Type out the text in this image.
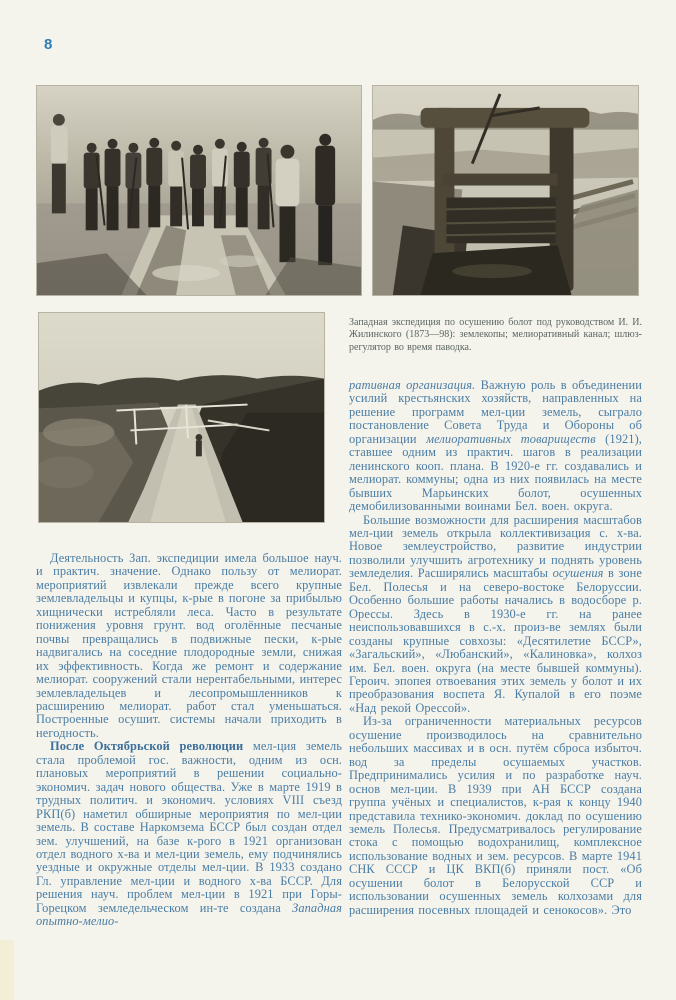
8
Западная экспедиция по осушению болот под руководством И. И. Жилинского (1873—98): землекопы; мелиоративный канал; шлюз-регулятор во время паводка.

Деятельность Зап. экспедиции имела большое науч. и практич. значение. Однако пользу от мелиорат. мероприятий извлекали прежде всего крупные землевладельцы и купцы, к-рые в погоне за прибылью хищнически истребляли леса. Часто в результате понижения уровня грунт. вод оголённые песчаные почвы превращались в подвижные пески, к-рые надвигались на соседние плодородные земли, снижая их эффективность. Когда же ремонт и содержание мелиорат. сооружений стали нерентабельными, интерес землевладельцев и лесопромышленников к расширению мелиорат. работ стал уменьшаться. Построенные осушит. системы начали приходить в негодность.

После Октябрьской революции мел-ция земель стала проблемой гос. важности, одним из осн. плановых мероприятий в решении социально-экономич. задач нового общества. Уже в марте 1919 в трудных политич. и экономич. условиях VIII съезд РКП(б) наметил обширные мероприятия по мел-ции земель. В составе Наркомзема БССР был создан отдел зем. улучшений, на базе к-рого в 1921 организован отдел водного х-ва и мел-ции земель, ему подчинялись уездные и окружные отделы мел-ции. В 1933 создано Гл. управление мел-ции и водного х-ва БССР. Для решения науч. проблем мел-ции в 1921 при Горы-Горецком земледельческом ин-те создана Западная опытно-мелио-

ративная организация. Важную роль в объединении усилий крестьянских хозяйств, направленных на решение программ мел-ции земель, сыграло постановление Совета Труда и Обороны об организации мелиоративных товариществ (1921), ставшее одним из практич. шагов в реализации ленинского кооп. плана. В 1920-е гг. создавались и мелиорат. коммуны; одна из них появилась на месте бывших Марьинских болот, осушенных демобилизованными воинами Бел. воен. округа.

Большие возможности для расширения масштабов мел-ции земель открыла коллективизация с. х-ва. Новое землеустройство, развитие индустрии позволили улучшить агротехнику и поднять уровень земледелия. Расширялись масштабы осушения в зоне Бел. Полесья и на северо-востоке Белоруссии. Особенно большие работы начались в водосборе р. Орессы. Здесь в 1930-е гг. на ранее неиспользовавшихся в с.-х. произ-ве землях были созданы крупные совхозы: «Десятилетие БССР», «Загальский», «Любанский», «Калиновка», колхоз им. Бел. воен. округа (на месте бывшей коммуны). Героич. эпопея отвоевания этих земель у болот и их преобразования воспета Я. Купалой в его поэме «Над рекой Орессой».

Из-за ограниченности материальных ресурсов осушение производилось на сравнительно небольших массивах и в осн. путём сброса избыточ. вод за пределы осушаемых участков. Предпринимались усилия и по разработке науч. основ мел-ции. В 1939 при АН БССР создана группа учёных и специалистов, к-рая к концу 1940 представила технико-экономич. доклад по осушению земель Полесья. Предусматривалось регулирование стока с помощью водохранилищ, комплексное использование водных и зем. ресурсов. В марте 1941 СНК СССР и ЦК ВКП(б) приняли пост. «Об осушении болот в Белорусской ССР и использовании осушенных земель колхозами для расширения посевных площадей и сенокосов». Это
